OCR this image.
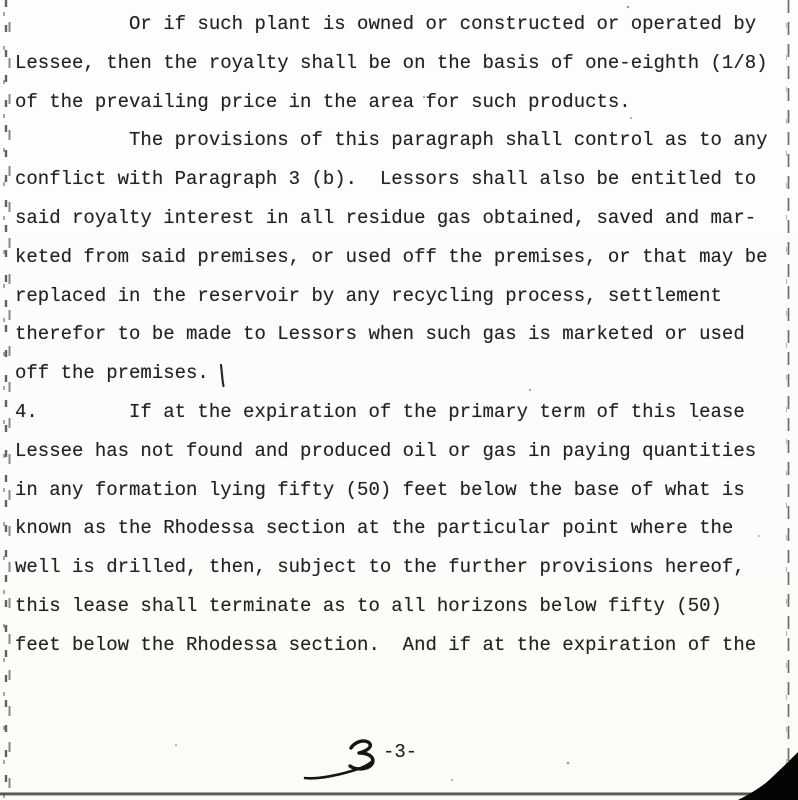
Or if such plant is owned or constructed or operated by
Lessee, then the royalty shall be on the basis of one-eighth (1/8)
of the prevailing price in the area for such products.
The provisions of this paragraph shall control as to any
conflict with Paragraph 3 (b).  Lessors shall also be entitled to
said royalty interest in all residue gas obtained, saved and mar-
keted from said premises, or used off the premises, or that may be
replaced in the reservoir by any recycling process, settlement
therefor to be made to Lessors when such gas is marketed or used
off the premises.
4.        If at the expiration of the primary term of this lease
Lessee has not found and produced oil or gas in paying quantities
in any formation lying fifty (50) feet below the base of what is
known as the Rhodessa section at the particular point where the
well is drilled, then, subject to the further provisions hereof,
this lease shall terminate as to all horizons below fifty (50)
feet below the Rhodessa section.  And if at the expiration of the
-3-
